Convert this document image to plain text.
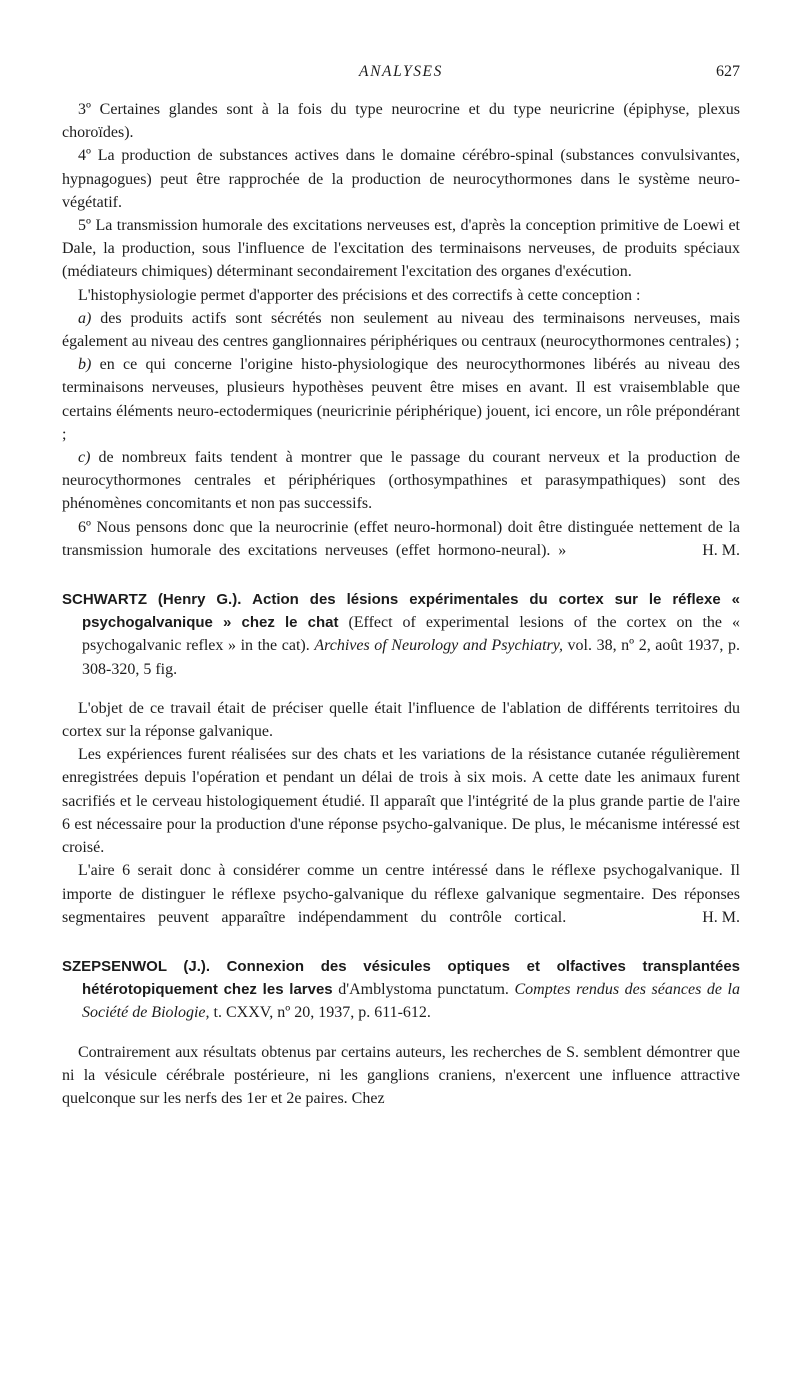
ANALYSES	627

3º Certaines glandes sont à la fois du type neurocrine et du type neuricrine (épiphyse, plexus choroïdes).

4º La production de substances actives dans le domaine cérébro-spinal (substances convulsivantes, hypnagogues) peut être rapprochée de la production de neurocythormones dans le système neuro-végétatif.

5º La transmission humorale des excitations nerveuses est, d'après la conception primitive de Loewi et Dale, la production, sous l'influence de l'excitation des terminaisons nerveuses, de produits spéciaux (médiateurs chimiques) déterminant secondairement l'excitation des organes d'exécution.

L'histophysiologie permet d'apporter des précisions et des correctifs à cette conception :

a) des produits actifs sont sécrétés non seulement au niveau des terminaisons nerveuses, mais également au niveau des centres ganglionnaires périphériques ou centraux (neurocythormones centrales) ;

b) en ce qui concerne l'origine histo-physiologique des neurocythormones libérés au niveau des terminaisons nerveuses, plusieurs hypothèses peuvent être mises en avant. Il est vraisemblable que certains éléments neuro-ectodermiques (neuricrinie périphérique) jouent, ici encore, un rôle prépondérant ;

c) de nombreux faits tendent à montrer que le passage du courant nerveux et la production de neurocythormones centrales et périphériques (orthosympathines et parasympathiques) sont des phénomènes concomitants et non pas successifs.

6º Nous pensons donc que la neurocrinie (effet neuro-hormonal) doit être distinguée nettement de la transmission humorale des excitations nerveuses (effet hormono-neural). »	H. M.

SCHWARTZ (Henry G.). Action des lésions expérimentales du cortex sur le réflexe « psychogalvanique » chez le chat (Effect of experimental lesions of the cortex on the « psychogalvanic reflex » in the cat). Archives of Neurology and Psychiatry, vol. 38, nº 2, août 1937, p. 308-320, 5 fig.

L'objet de ce travail était de préciser quelle était l'influence de l'ablation de différents territoires du cortex sur la réponse galvanique.

Les expériences furent réalisées sur des chats et les variations de la résistance cutanée régulièrement enregistrées depuis l'opération et pendant un délai de trois à six mois. A cette date les animaux furent sacrifiés et le cerveau histologiquement étudié. Il apparaît que l'intégrité de la plus grande partie de l'aire 6 est nécessaire pour la production d'une réponse psycho-galvanique. De plus, le mécanisme intéressé est croisé.

L'aire 6 serait donc à considérer comme un centre intéressé dans le réflexe psychogalvanique. Il importe de distinguer le réflexe psycho-galvanique du réflexe galvanique segmentaire. Des réponses segmentaires peuvent apparaître indépendamment du contrôle cortical.	H. M.

SZEPSENWOL (J.). Connexion des vésicules optiques et olfactives transplantées hétérotopiquement chez les larves d'Amblystoma punctatum. Comptes rendus des séances de la Société de Biologie, t. CXXV, nº 20, 1937, p. 611-612.

Contrairement aux résultats obtenus par certains auteurs, les recherches de S. semblent démontrer que ni la vésicule cérébrale postérieure, ni les ganglions craniens, n'exercent une influence attractive quelconque sur les nerfs des 1er et 2e paires. Chez
